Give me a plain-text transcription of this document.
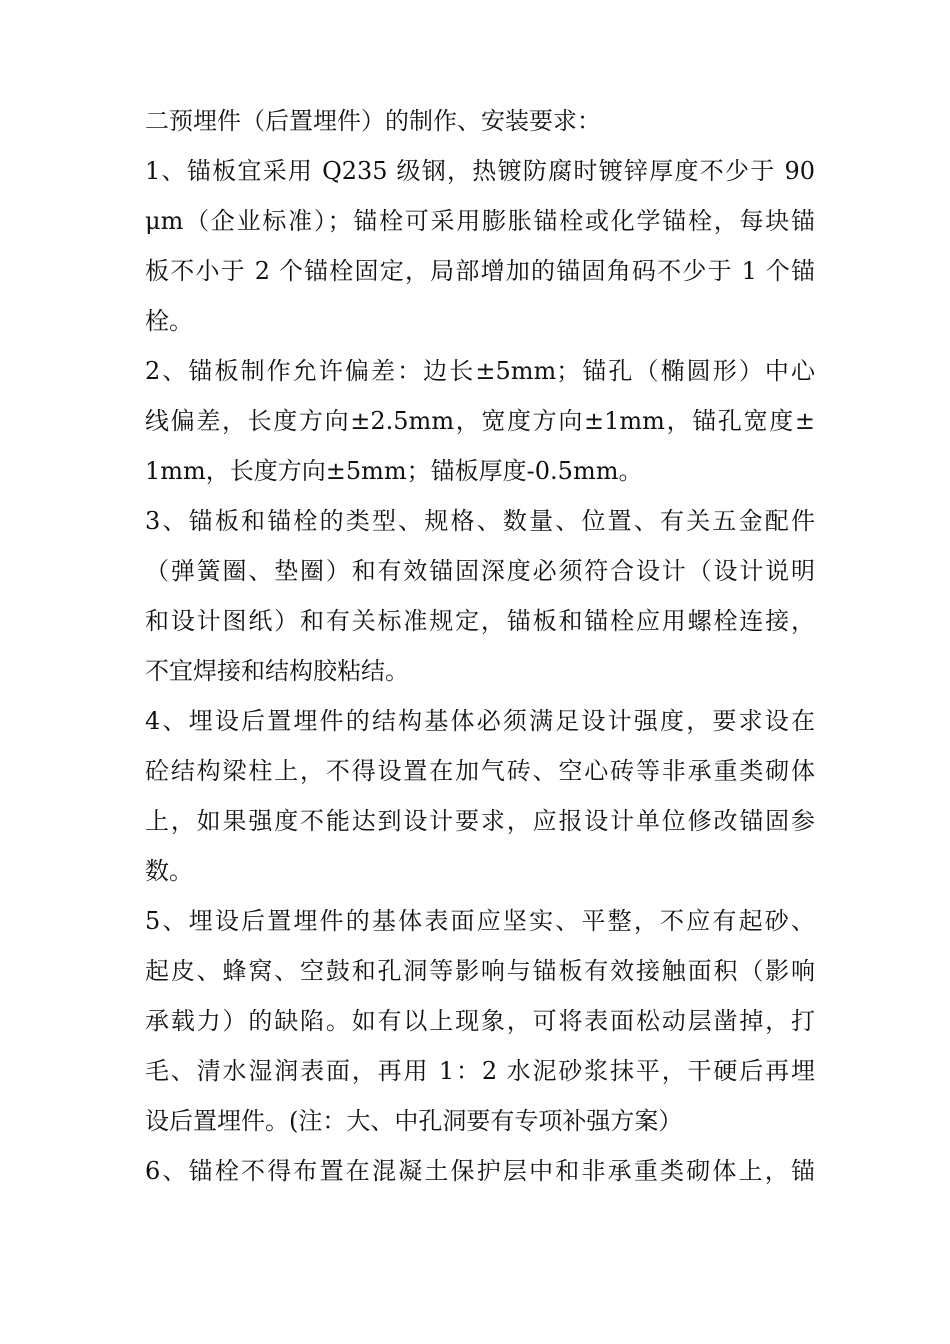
二预埋件（后置埋件）的制作、安装要求：
1、锚板宜采用 Q235 级钢，热镀防腐时镀锌厚度不少于 90
μm（企业标准）；锚栓可采用膨胀锚栓或化学锚栓，每块锚
板不小于 2 个锚栓固定，局部增加的锚固角码不少于 1 个锚
栓。
2、锚板制作允许偏差：边长±5mm；锚孔（椭圆形）中心
线偏差，长度方向±2.5mm，宽度方向±1mm，锚孔宽度±
1mm，长度方向±5mm；锚板厚度-0.5mm。
3、锚板和锚栓的类型、规格、数量、位置、有关五金配件
（弹簧圈、垫圈）和有效锚固深度必须符合设计（设计说明
和设计图纸）和有关标准规定，锚板和锚栓应用螺栓连接，
不宜焊接和结构胶粘结。
4、埋设后置埋件的结构基体必须满足设计强度，要求设在
砼结构梁柱上，不得设置在加气砖、空心砖等非承重类砌体
上，如果强度不能达到设计要求，应报设计单位修改锚固参
数。
5、埋设后置埋件的基体表面应坚实、平整，不应有起砂、
起皮、蜂窝、空鼓和孔洞等影响与锚板有效接触面积（影响
承载力）的缺陷。如有以上现象，可将表面松动层凿掉，打
毛、清水湿润表面，再用 1：2 水泥砂浆抹平，干硬后再埋
设后置埋件。(注：大、中孔洞要有专项补强方案）
6、锚栓不得布置在混凝土保护层中和非承重类砌体上，锚
